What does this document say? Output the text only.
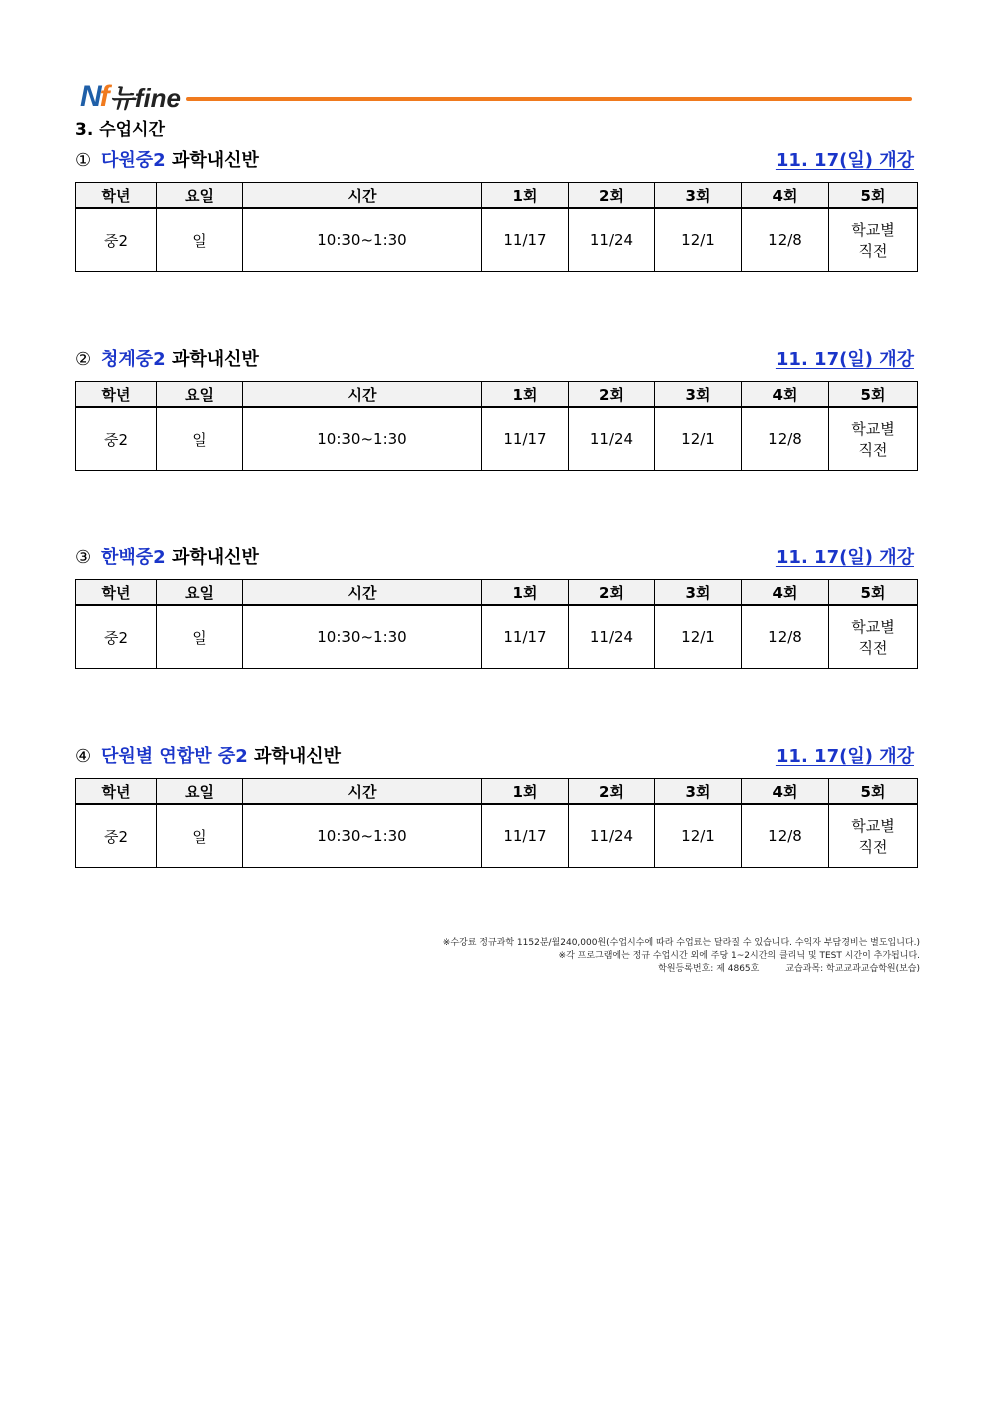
Nf 뉴fine
3. 수업시간
① 다원중2 과학내신반	11. 17(일) 개강
학년	요일	시간	1회	2회	3회	4회	5회
중2	일	10:30~1:30	11/17	11/24	12/1	12/8	학교별
직전
② 청계중2 과학내신반	11. 17(일) 개강
학년	요일	시간	1회	2회	3회	4회	5회
중2	일	10:30~1:30	11/17	11/24	12/1	12/8	학교별
직전
③ 한백중2 과학내신반	11. 17(일) 개강
학년	요일	시간	1회	2회	3회	4회	5회
중2	일	10:30~1:30	11/17	11/24	12/1	12/8	학교별
직전
④ 단원별 연합반 중2 과학내신반	11. 17(일) 개강
학년	요일	시간	1회	2회	3회	4회	5회
중2	일	10:30~1:30	11/17	11/24	12/1	12/8	학교별
직전
※수강료 정규과학 1152분/월240,000원(수업시수에 따라 수업료는 달라질 수 있습니다. 수익자 부담경비는 별도입니다.)
※각 프로그램에는 정규 수업시간 외에 주당 1~2시간의 클리닉 및 TEST 시간이 추가됩니다.
학원등록번호: 제 4865호	교습과목: 학교교과교습학원(보습)
